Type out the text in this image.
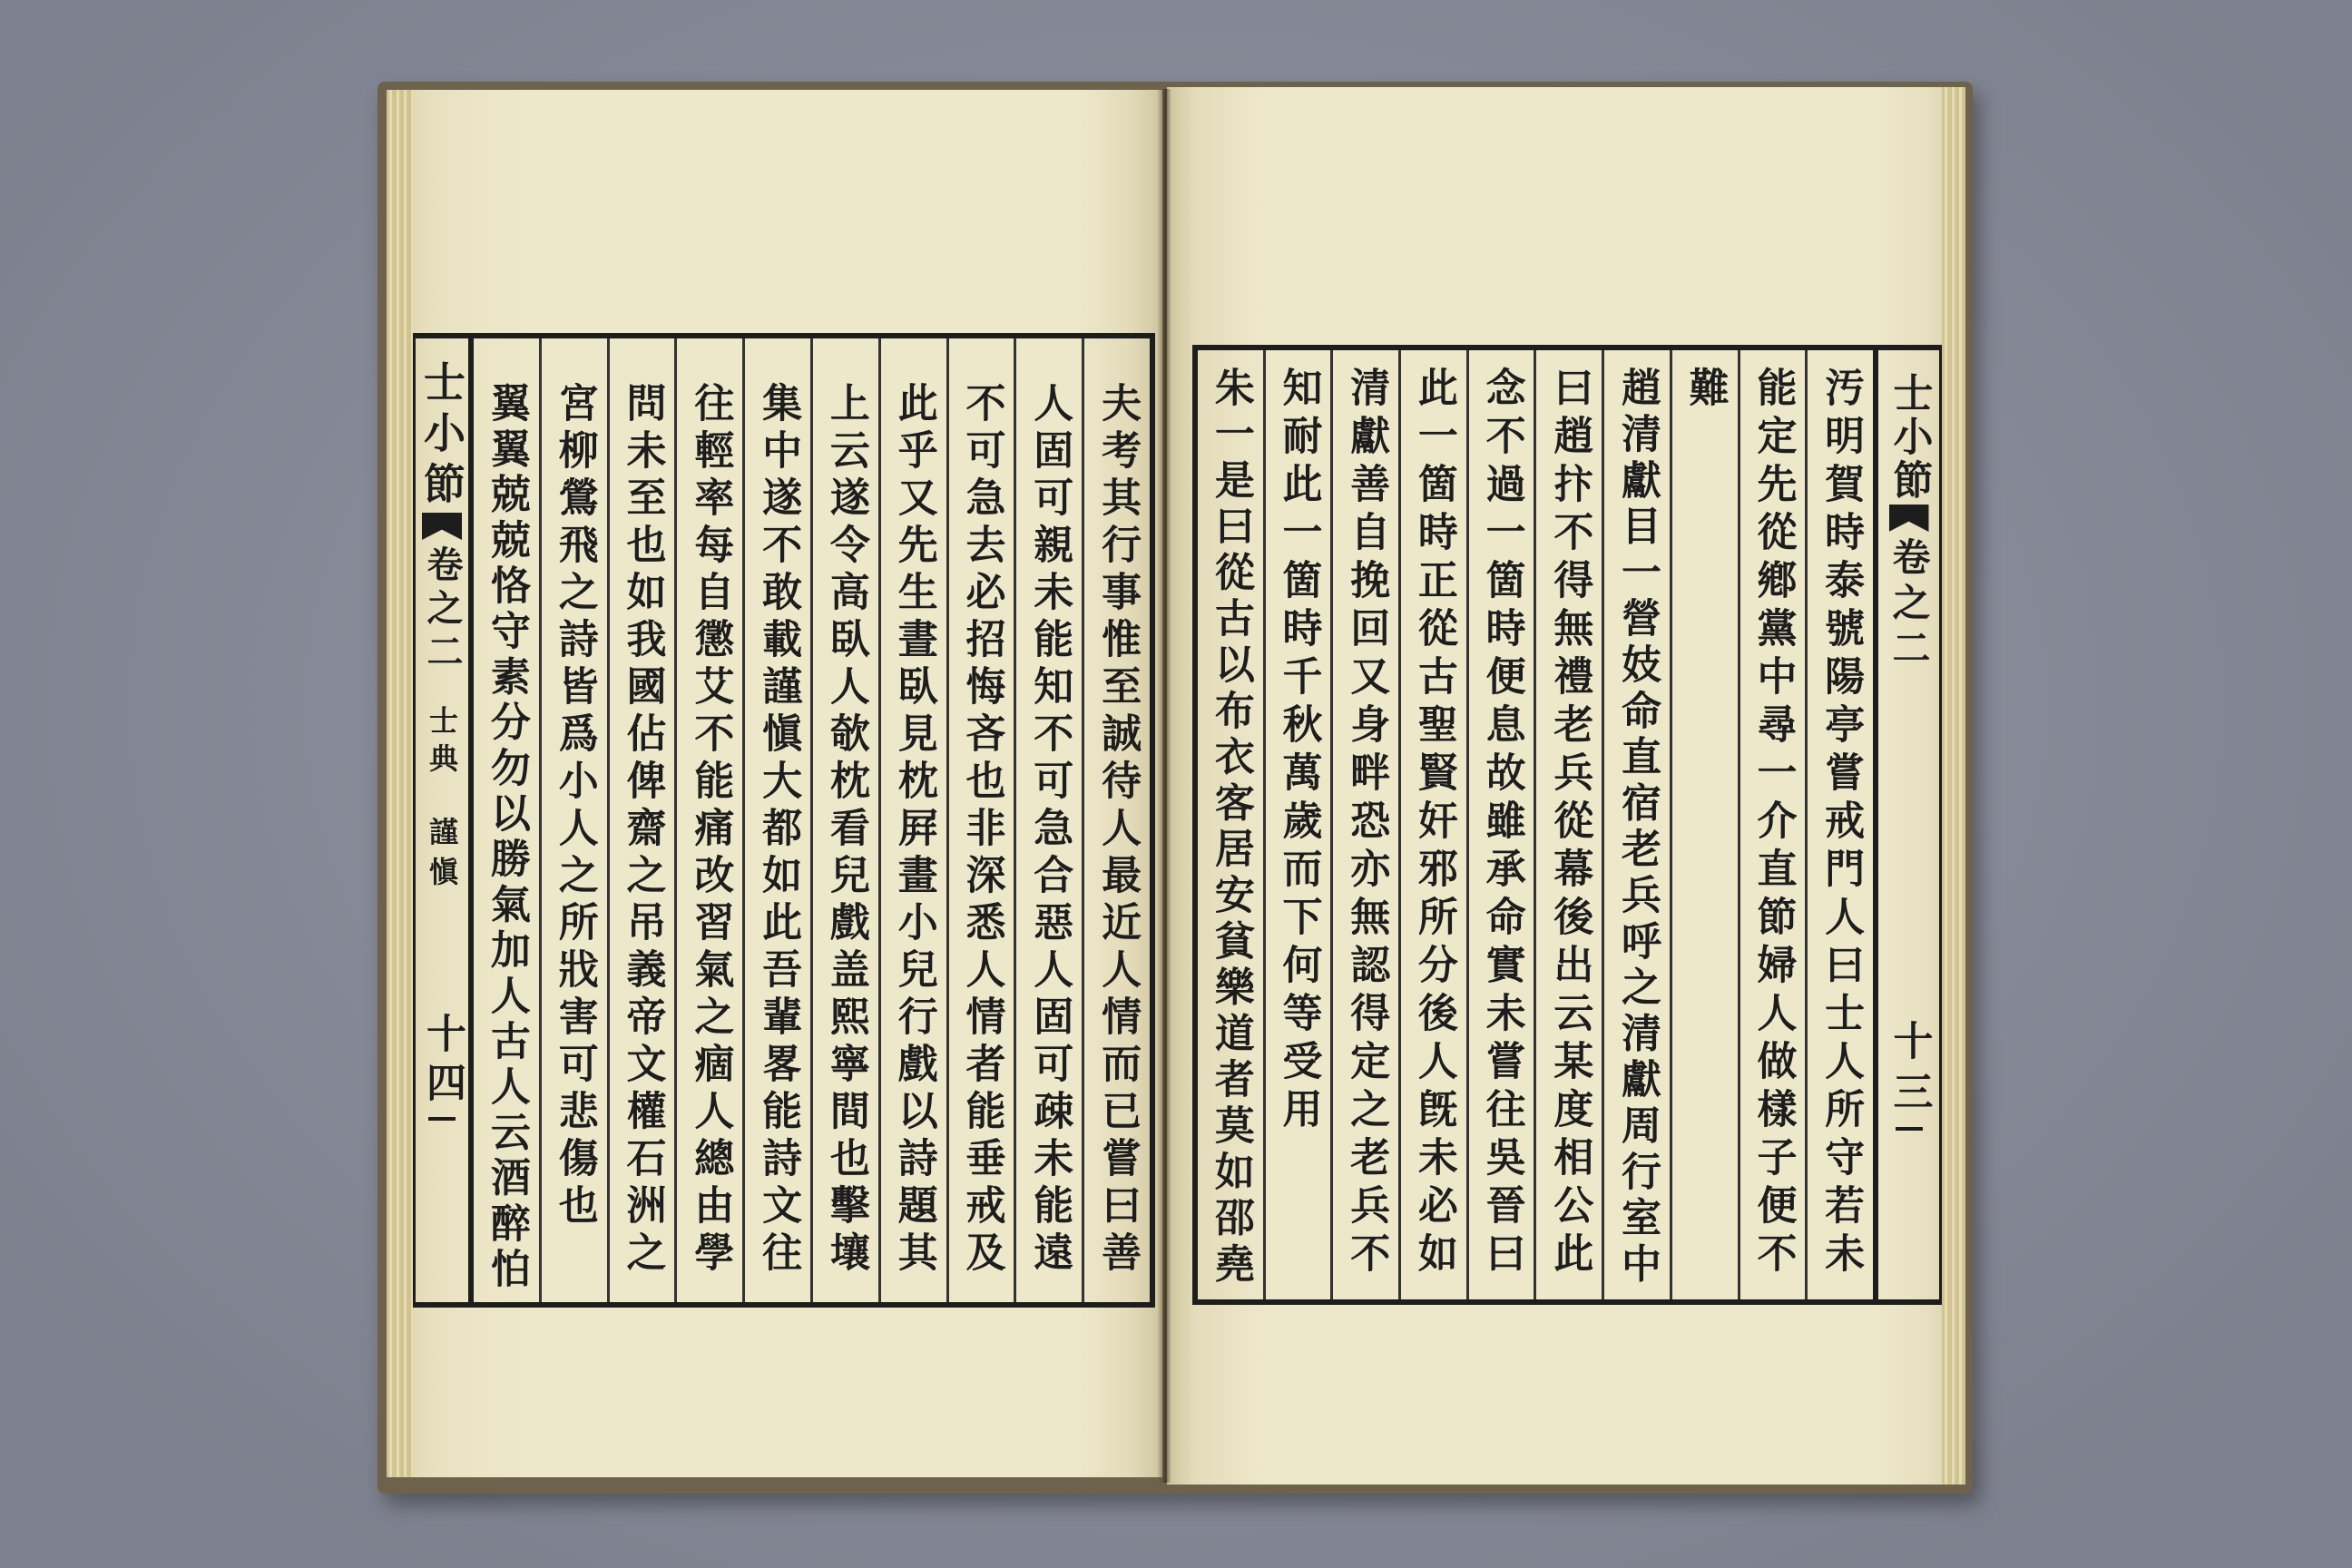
士小節
卷之二
士典
謹愼
十四	夫考其行事惟至誠待人最近人情而已嘗曰善
人固可親未能知不可急合惡人固可疎未能遠
不可急去必招悔吝也非深悉人情者能垂戒及
此乎又先生晝臥見枕屛畫小兒行戲以詩題其
上云遂令高臥人欹枕看兒戲盖熙寧間也擊壤
集中遂不敢載謹愼大都如此吾輩畧能詩文往
往輕率每自懲艾不能痛改習氣之痼人總由學
問未至也如我國佔俾齋之吊義帝文權石洲之
宮柳鶯飛之詩皆爲小人之所戕害可悲傷也
翼翼兢兢恪守素分勿以勝氣加人古人云酒醉怕	汚明賀時泰號陽亭嘗戒門人曰士人所守若未
能定先從鄕黨中尋一介直節婦人做樣子便不
難
趙清獻目一營妓命直宿老兵呼之清獻周行室中
曰趙抃不得無禮老兵從幕後出云某度相公此
念不過一箇時便息故雖承命實未嘗往吳晉曰
此一箇時正從古聖賢奸邪所分後人旣未必如
清獻善自挽回又身畔恐亦無認得定之老兵不
知耐此一箇時千秋萬歲而下何等受用
朱一是曰從古以布衣客居安貧樂道者莫如邵堯	士小節
卷之二
十三
